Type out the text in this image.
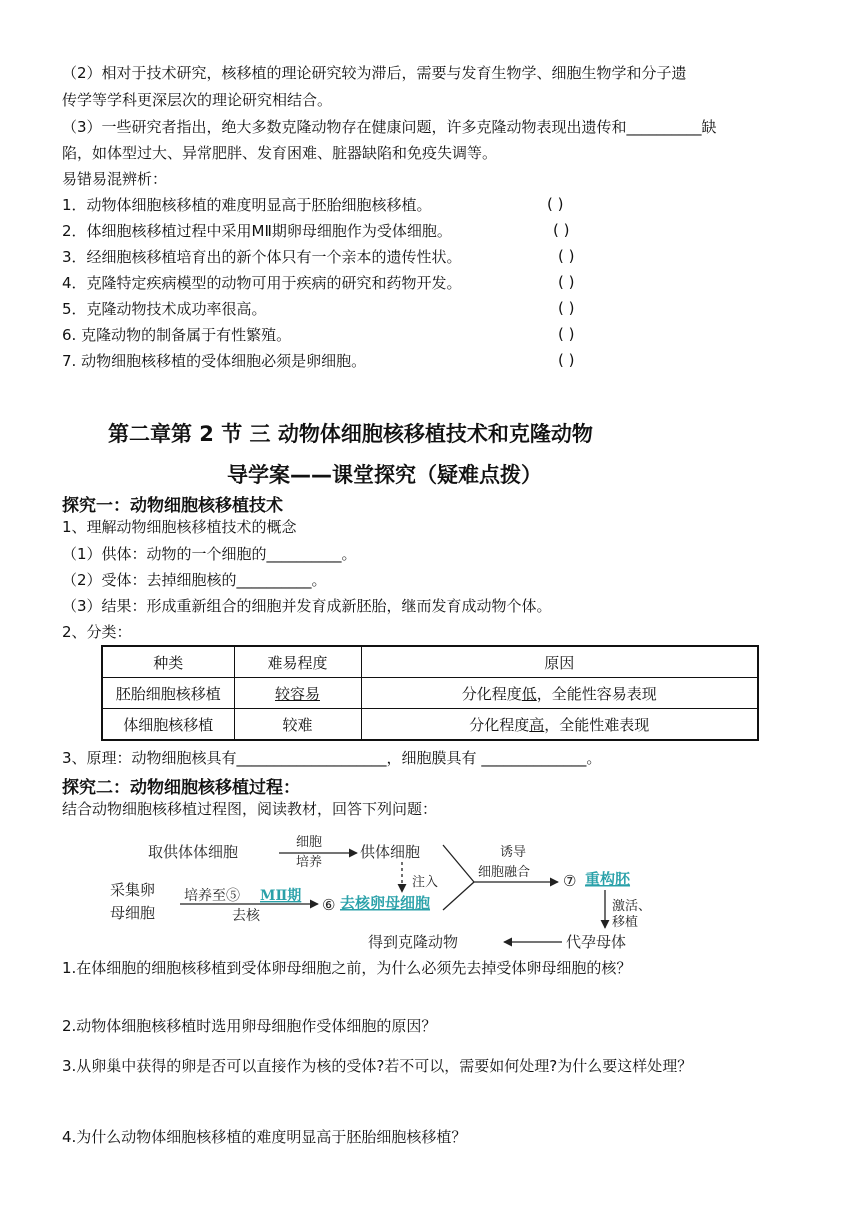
（2）相对于技术研究，核移植的理论研究较为滞后，需要与发育生物学、细胞生物学和分子遗
传学等学科更深层次的理论研究相结合。
（3）一些研究者指出，绝大多数克隆动物存在健康问题，许多克隆动物表现出遗传和__________缺
陷，如体型过大、异常肥胖、发育困难、脏器缺陷和免疫失调等。
易错易混辨析：
1．动物体细胞核移植的难度明显高于胚胎细胞核移植。	( )
2．体细胞核移植过程中采用MⅡ期卵母细胞作为受体细胞。	( )
3．经细胞核移植培育出的新个体只有一个亲本的遗传性状。	( )
4．克隆特定疾病模型的动物可用于疾病的研究和药物开发。	( )
5．克隆动物技术成功率很高。	( )
6. 克隆动物的制备属于有性繁殖。	( )
7. 动物细胞核移植的受体细胞必须是卵细胞。	( )
第二章第 2 节 三 动物体细胞核移植技术和克隆动物
导学案——课堂探究（疑难点拨）
探究一：动物细胞核移植技术
1、理解动物细胞核移植技术的概念
（1）供体：动物的一个细胞的__________。
（2）受体：去掉细胞核的__________。
（3）结果：形成重新组合的细胞并发育成新胚胎，继而发育成动物个体。
2、分类：
种类	难易程度	原因
胚胎细胞核移植	较容易	分化程度低，全能性容易表现
体细胞核移植	较难	分化程度高，全能性难表现
3、原理：动物细胞核具有____________________，细胞膜具有 ______________。
探究二：动物细胞核移植过程：
结合动物细胞核移植过程图，阅读教材，回答下列问题：
取供体体细胞
细胞
培养
供体细胞
注入
采集卵
母细胞
培养至⑤ MⅡ期
去核
⑥ 去核卵母细胞
诱导
细胞融合 ⑦ 重构胚
激活、
移植
代孕母体
得到克隆动物
1.在体细胞的细胞核移植到受体卵母细胞之前，为什么必须先去掉受体卵母细胞的核？
2.动物体细胞核移植时选用卵母细胞作受体细胞的原因？
3.从卵巢中获得的卵是否可以直接作为核的受体?若不可以，需要如何处理?为什么要这样处理？
4.为什么动物体细胞核移植的难度明显高于胚胎细胞核移植？
